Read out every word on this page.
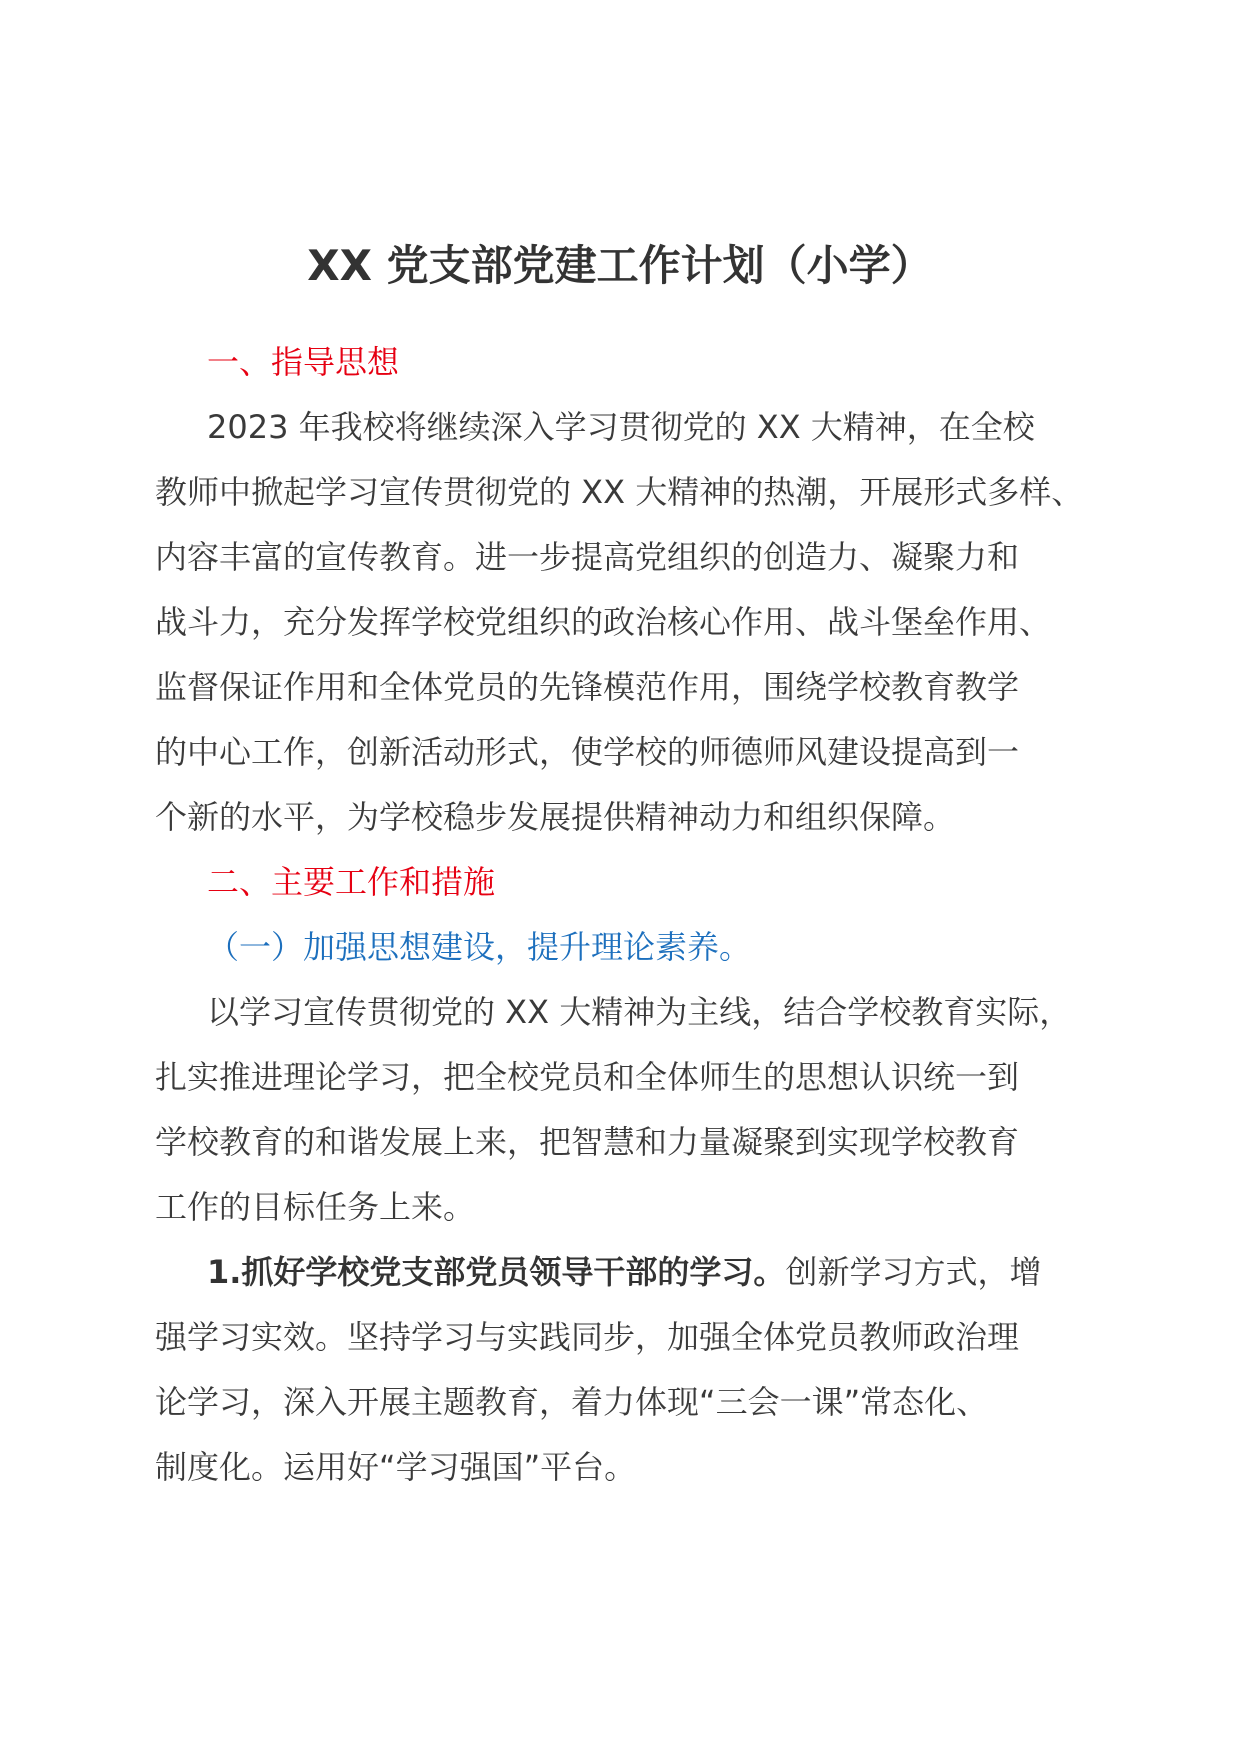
XX 党支部党建工作计划（小学）

一、指导思想

2023 年我校将继续深入学习贯彻党的 XX 大精神，在全校

教师中掀起学习宣传贯彻党的 XX 大精神的热潮，开展形式多样、

内容丰富的宣传教育。进一步提高党组织的创造力、凝聚力和

战斗力，充分发挥学校党组织的政治核心作用、战斗堡垒作用、

监督保证作用和全体党员的先锋模范作用，围绕学校教育教学

的中心工作，创新活动形式，使学校的师德师风建设提高到一

个新的水平，为学校稳步发展提供精神动力和组织保障。

二、主要工作和措施

（一）加强思想建设，提升理论素养。

以学习宣传贯彻党的 XX 大精神为主线，结合学校教育实际，

扎实推进理论学习，把全校党员和全体师生的思想认识统一到

学校教育的和谐发展上来，把智慧和力量凝聚到实现学校教育

工作的目标任务上来。

1.抓好学校党支部党员领导干部的学习。创新学习方式，增

强学习实效。坚持学习与实践同步，加强全体党员教师政治理

论学习，深入开展主题教育，着力体现“三会一课”常态化、

制度化。运用好“学习强国”平台。
